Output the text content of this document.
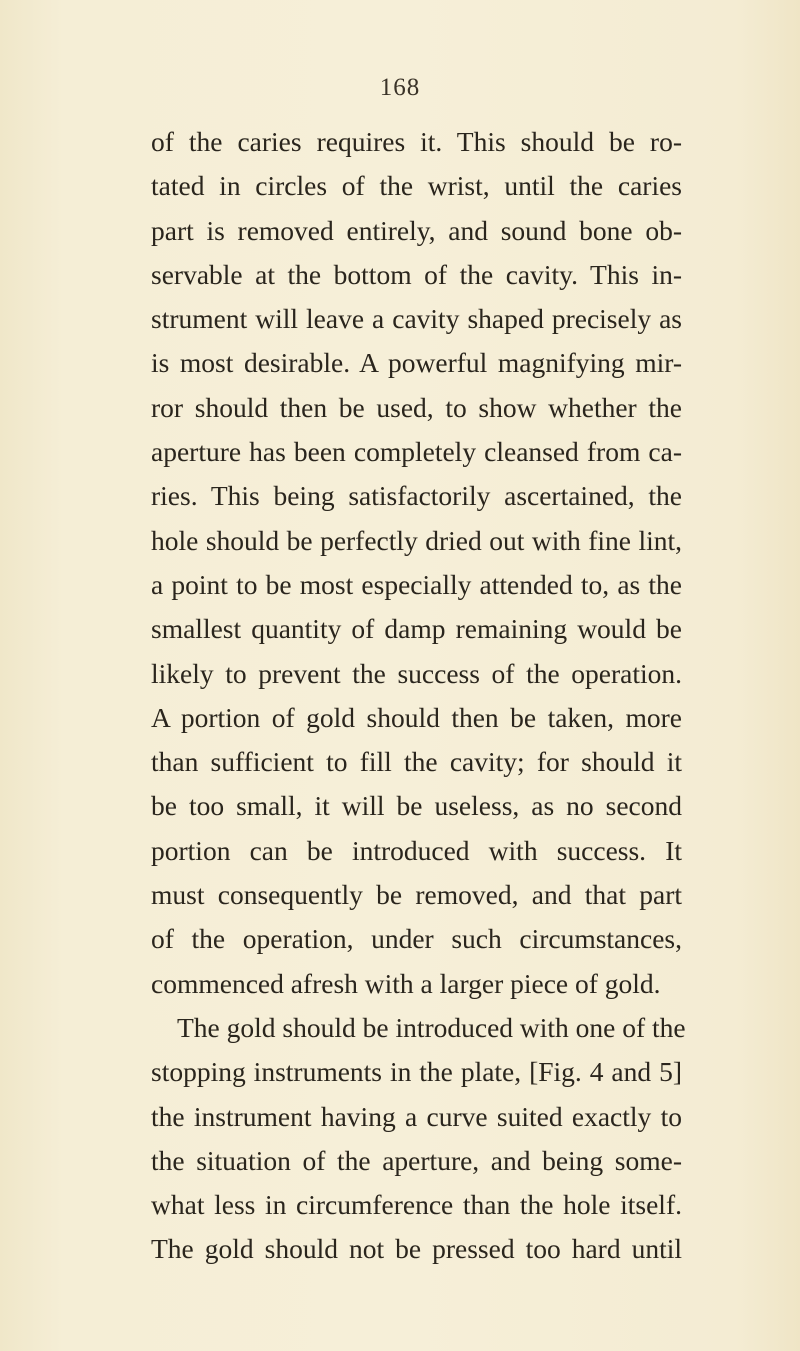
168
of the caries requires it. This should be ro-
tated in circles of the wrist, until the caries
part is removed entirely, and sound bone ob-
servable at the bottom of the cavity. This in-
strument will leave a cavity shaped precisely as
is most desirable. A powerful magnifying mir-
ror should then be used, to show whether the
aperture has been completely cleansed from ca-
ries. This being satisfactorily ascertained, the
hole should be perfectly dried out with fine lint,
a point to be most especially attended to, as the
smallest quantity of damp remaining would be
likely to prevent the success of the operation.
A portion of gold should then be taken, more
than sufficient to fill the cavity; for should it
be too small, it will be useless, as no second
portion can be introduced with success. It
must consequently be removed, and that part
of the operation, under such circumstances,
commenced afresh with a larger piece of gold.
The gold should be introduced with one of the
stopping instruments in the plate, [Fig. 4 and 5]
the instrument having a curve suited exactly to
the situation of the aperture, and being some-
what less in circumference than the hole itself.
The gold should not be pressed too hard until
